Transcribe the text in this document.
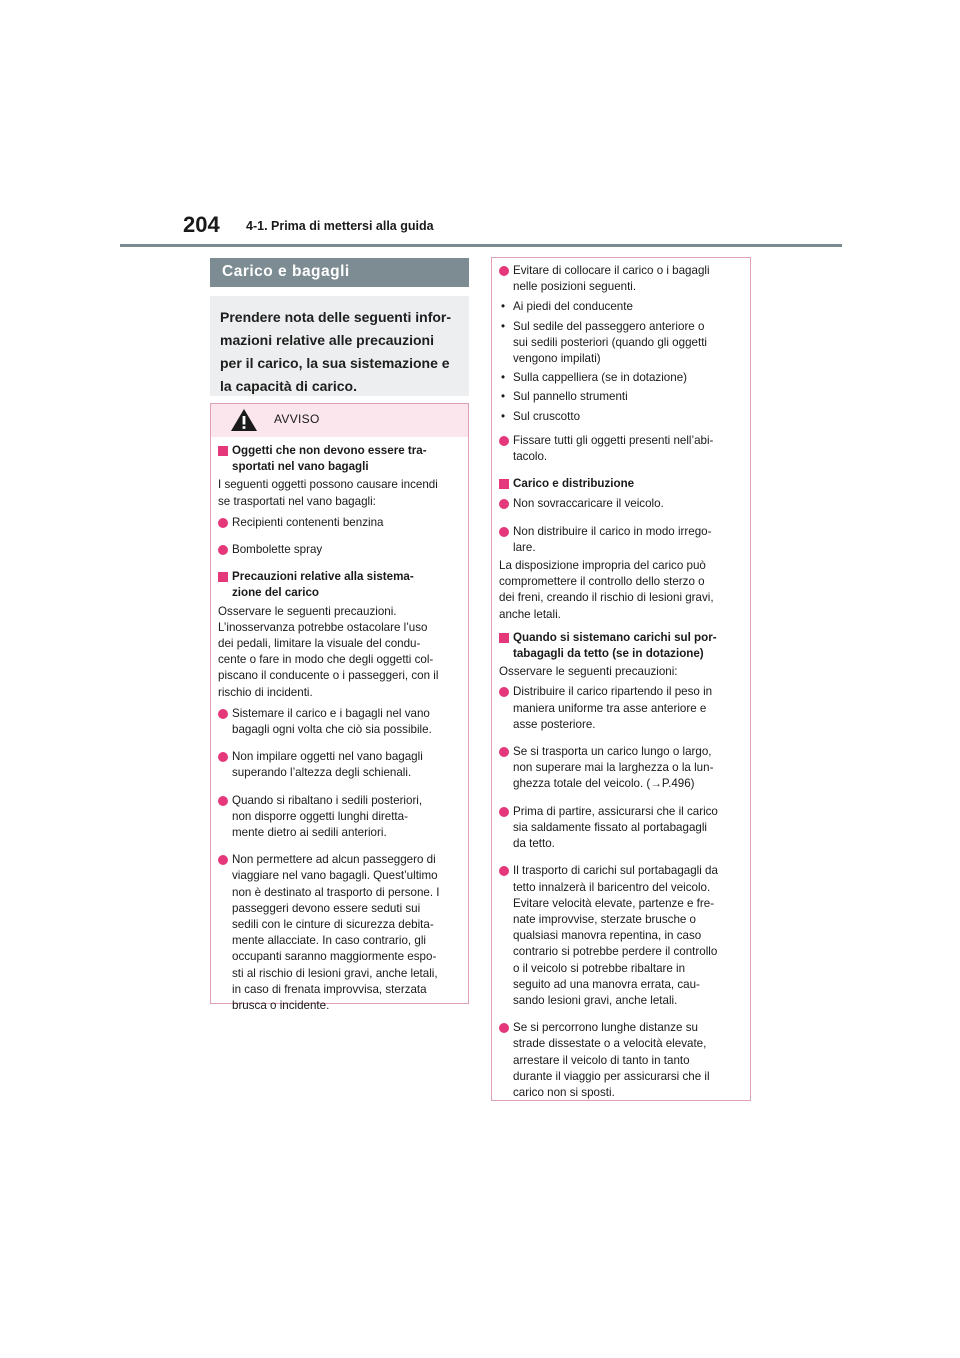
204 4-1. Prima di mettersi alla guida
Carico e bagagli
Prendere nota delle seguenti infor-
mazioni relative alle precauzioni
per il carico, la sua sistemazione e
la capacità di carico.
AVVISO
Oggetti che non devono essere tra-
sportati nel vano bagagli
I seguenti oggetti possono causare incendi
se trasportati nel vano bagagli:
Recipienti contenenti benzina
Bombolette spray
Precauzioni relative alla sistema-
zione del carico
Osservare le seguenti precauzioni.
L’inosservanza potrebbe ostacolare l’uso
dei pedali, limitare la visuale del condu-
cente o fare in modo che degli oggetti col-
piscano il conducente o i passeggeri, con il
rischio di incidenti.
Sistemare il carico e i bagagli nel vano
bagagli ogni volta che ciò sia possibile.
Non impilare oggetti nel vano bagagli
superando l’altezza degli schienali.
Quando si ribaltano i sedili posteriori,
non disporre oggetti lunghi diretta-
mente dietro ai sedili anteriori.
Non permettere ad alcun passeggero di
viaggiare nel vano bagagli. Quest’ultimo
non è destinato al trasporto di persone. I
passeggeri devono essere seduti sui
sedili con le cinture di sicurezza debita-
mente allacciate. In caso contrario, gli
occupanti saranno maggiormente espo-
sti al rischio di lesioni gravi, anche letali,
in caso di frenata improvvisa, sterzata
brusca o incidente.
Evitare di collocare il carico o i bagagli
nelle posizioni seguenti.
• Ai piedi del conducente
• Sul sedile del passeggero anteriore o
sui sedili posteriori (quando gli oggetti
vengono impilati)
• Sulla cappelliera (se in dotazione)
• Sul pannello strumenti
• Sul cruscotto
Fissare tutti gli oggetti presenti nell’abi-
tacolo.
Carico e distribuzione
Non sovraccaricare il veicolo.
Non distribuire il carico in modo irrego-
lare.
La disposizione impropria del carico può
compromettere il controllo dello sterzo o
dei freni, creando il rischio di lesioni gravi,
anche letali.
Quando si sistemano carichi sul por-
tabagagli da tetto (se in dotazione)
Osservare le seguenti precauzioni:
Distribuire il carico ripartendo il peso in
maniera uniforme tra asse anteriore e
asse posteriore.
Se si trasporta un carico lungo o largo,
non superare mai la larghezza o la lun-
ghezza totale del veicolo. (→P.496)
Prima di partire, assicurarsi che il carico
sia saldamente fissato al portabagagli
da tetto.
Il trasporto di carichi sul portabagagli da
tetto innalzerà il baricentro del veicolo.
Evitare velocità elevate, partenze e fre-
nate improvvise, sterzate brusche o
qualsiasi manovra repentina, in caso
contrario si potrebbe perdere il controllo
o il veicolo si potrebbe ribaltare in
seguito ad una manovra errata, cau-
sando lesioni gravi, anche letali.
Se si percorrono lunghe distanze su
strade dissestate o a velocità elevate,
arrestare il veicolo di tanto in tanto
durante il viaggio per assicurarsi che il
carico non si sposti.
